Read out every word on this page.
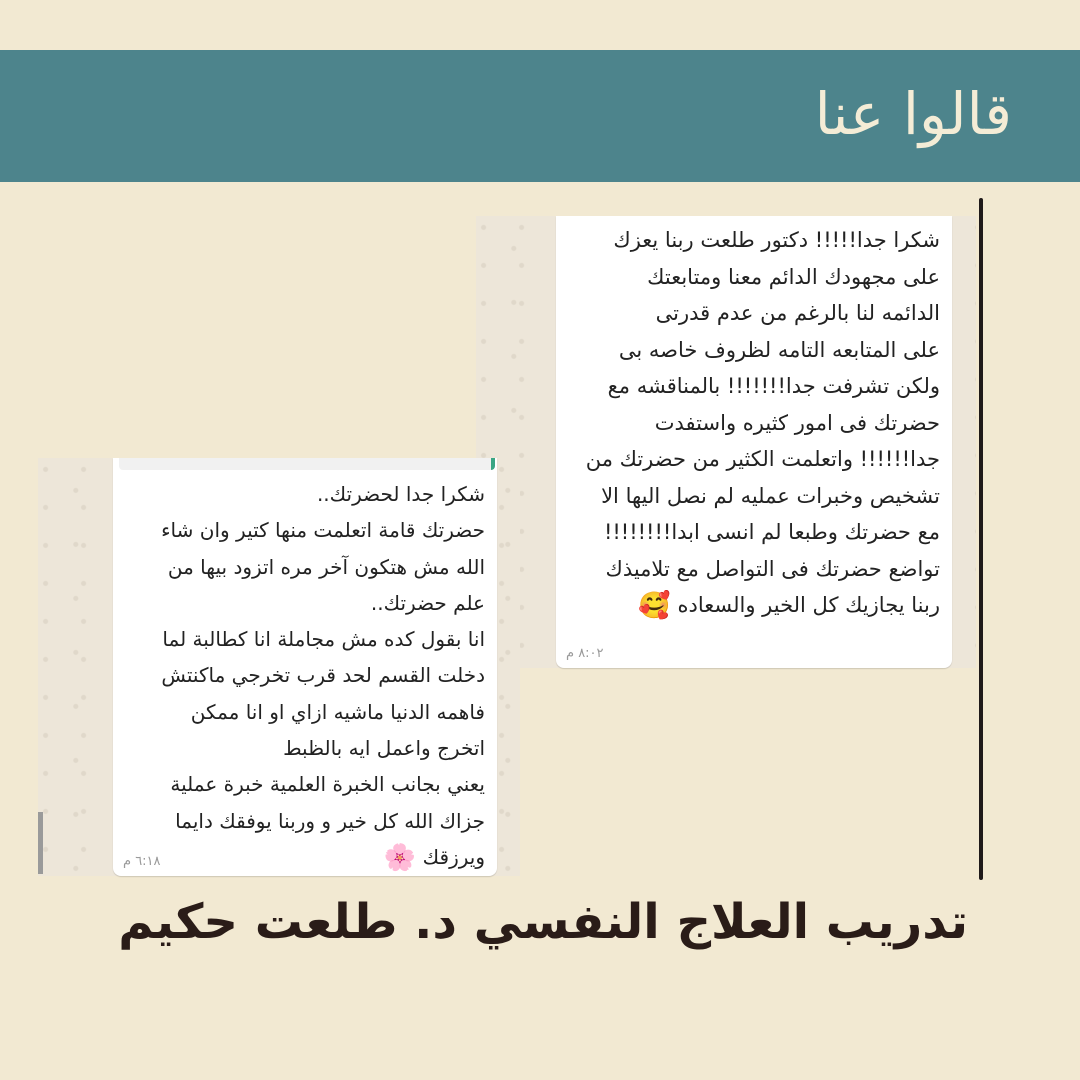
قالوا عنا
شكرا جدا!!!!! دكتور طلعت ربنا يعزك
على مجهودك الدائم معنا ومتابعتك
الدائمه لنا بالرغم من عدم قدرتى
على المتابعه التامه لظروف خاصه بى
ولكن تشرفت جدا!!!!!!! بالمناقشه مع
حضرتك فى امور كثيره واستفدت
جدا!!!!!! واتعلمت الكثير من حضرتك من
تشخيص وخبرات عمليه لم نصل اليها الا
مع حضرتك وطبعا لم انسى ابدا!!!!!!!!
تواضع حضرتك فى التواصل مع تلاميذك
ربنا يجازيك كل الخير والسعاده 🥰
٨:٠٢ م
شكرا جدا لحضرتك..
حضرتك قامة اتعلمت منها كتير وان شاء
الله مش هتكون آخر مره اتزود بيها من
علم حضرتك..
انا بقول كده مش مجاملة انا كطالبة لما
دخلت القسم لحد قرب تخرجي ماكنتش
فاهمه الدنيا ماشيه ازاي او انا ممكن
اتخرج واعمل ايه بالظبط
يعني بجانب الخبرة العلمية خبرة عملية
جزاك الله كل خير و وربنا يوفقك دايما
ويرزقك 🌸
٦:١٨ م
تدريب العلاج النفسي د. طلعت حكيم
